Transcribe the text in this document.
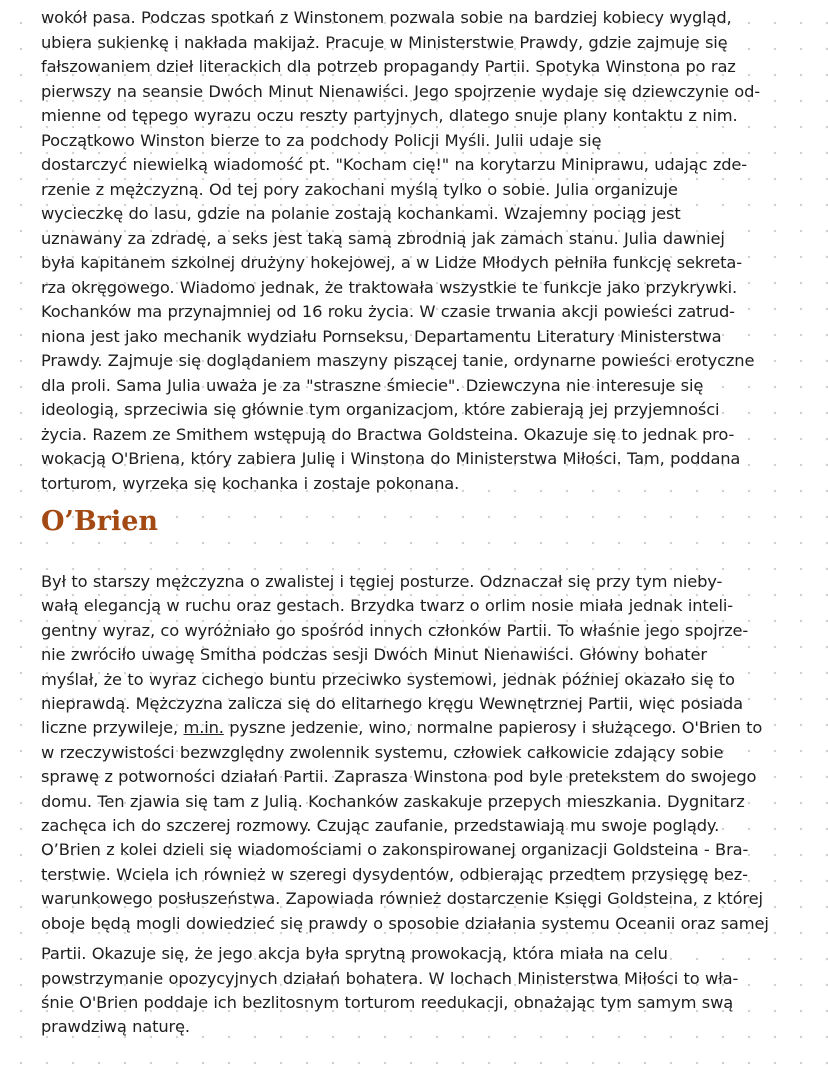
wokół pasa. Podczas spotkań z Winstonem pozwala sobie na bardziej kobiecy wygląd,
ubiera sukienkę i nakłada makijaż. Pracuje w Ministerstwie Prawdy, gdzie zajmuje się
fałszowaniem dzieł literackich dla potrzeb propagandy Partii. Spotyka Winstona po raz
pierwszy na seansie Dwóch Minut Nienawiści. Jego spojrzenie wydaje się dziewczynie od-
mienne od tępego wyrazu oczu reszty partyjnych, dlatego snuje plany kontaktu z nim.
Początkowo Winston bierze to za podchody Policji Myśli. Julii udaje się
dostarczyć niewielką wiadomość pt. "Kocham cię!" na korytarzu Miniprawu, udając zde-
rzenie z mężczyzną. Od tej pory zakochani myślą tylko o sobie. Julia organizuje
wycieczkę do lasu, gdzie na polanie zostają kochankami. Wzajemny pociąg jest
uznawany za zdradę, a seks jest taką samą zbrodnią jak zamach stanu. Julia dawniej
była kapitanem szkolnej drużyny hokejowej, a w Lidze Młodych pełniła funkcję sekreta-
rza okręgowego. Wiadomo jednak, że traktowała wszystkie te funkcje jako przykrywki.
Kochanków ma przynajmniej od 16 roku życia. W czasie trwania akcji powieści zatrud-
niona jest jako mechanik wydziału Pornseksu, Departamentu Literatury Ministerstwa
Prawdy. Zajmuje się doglądaniem maszyny piszącej tanie, ordynarne powieści erotyczne
dla proli. Sama Julia uważa je za "straszne śmiecie". Dziewczyna nie interesuje się
ideologią, sprzeciwia się głównie tym organizacjom, które zabierają jej przyjemności
życia. Razem ze Smithem wstępują do Bractwa Goldsteina. Okazuje się to jednak pro-
wokacją O'Briena, który zabiera Julię i Winstona do Ministerstwa Miłości. Tam, poddana
torturom, wyrzeka się kochanka i zostaje pokonana.

O’Brien

Był to starszy mężczyzna o zwalistej i tęgiej posturze. Odznaczał się przy tym nieby-
wałą elegancją w ruchu oraz gestach. Brzydka twarz o orlim nosie miała jednak inteli-
gentny wyraz, co wyróżniało go spośród innych członków Partii. To właśnie jego spojrze-
nie zwróciło uwagę Smitha podczas sesji Dwóch Minut Nienawiści. Główny bohater
myślał, że to wyraz cichego buntu przeciwko systemowi, jednak później okazało się to
nieprawdą. Mężczyzna zalicza się do elitarnego kręgu Wewnętrznej Partii, więc posiada
liczne przywileje, m.in. pyszne jedzenie, wino, normalne papierosy i służącego. O'Brien to
w rzeczywistości bezwzględny zwolennik systemu, człowiek całkowicie zdający sobie
sprawę z potworności działań Partii. Zaprasza Winstona pod byle pretekstem do swojego
domu. Ten zjawia się tam z Julią. Kochanków zaskakuje przepych mieszkania. Dygnitarz
zachęca ich do szczerej rozmowy. Czując zaufanie, przedstawiają mu swoje poglądy.
O’Brien z kolei dzieli się wiadomościami o zakonspirowanej organizacji Goldsteina - Bra-
terstwie. Wciela ich również w szeregi dysydentów, odbierając przedtem przysięgę bez-
warunkowego posłuszeństwa. Zapowiada również dostarczenie Księgi Goldsteina, z której
oboje będą mogli dowiedzieć się prawdy o sposobie działania systemu Oceanii oraz samej

Partii. Okazuje się, że jego akcja była sprytną prowokacją, która miała na celu
powstrzymanie opozycyjnych działań bohatera. W lochach Ministerstwa Miłości to wła-
śnie O'Brien poddaje ich bezlitosnym torturom reedukacji, obnażając tym samym swą
prawdziwą naturę.
